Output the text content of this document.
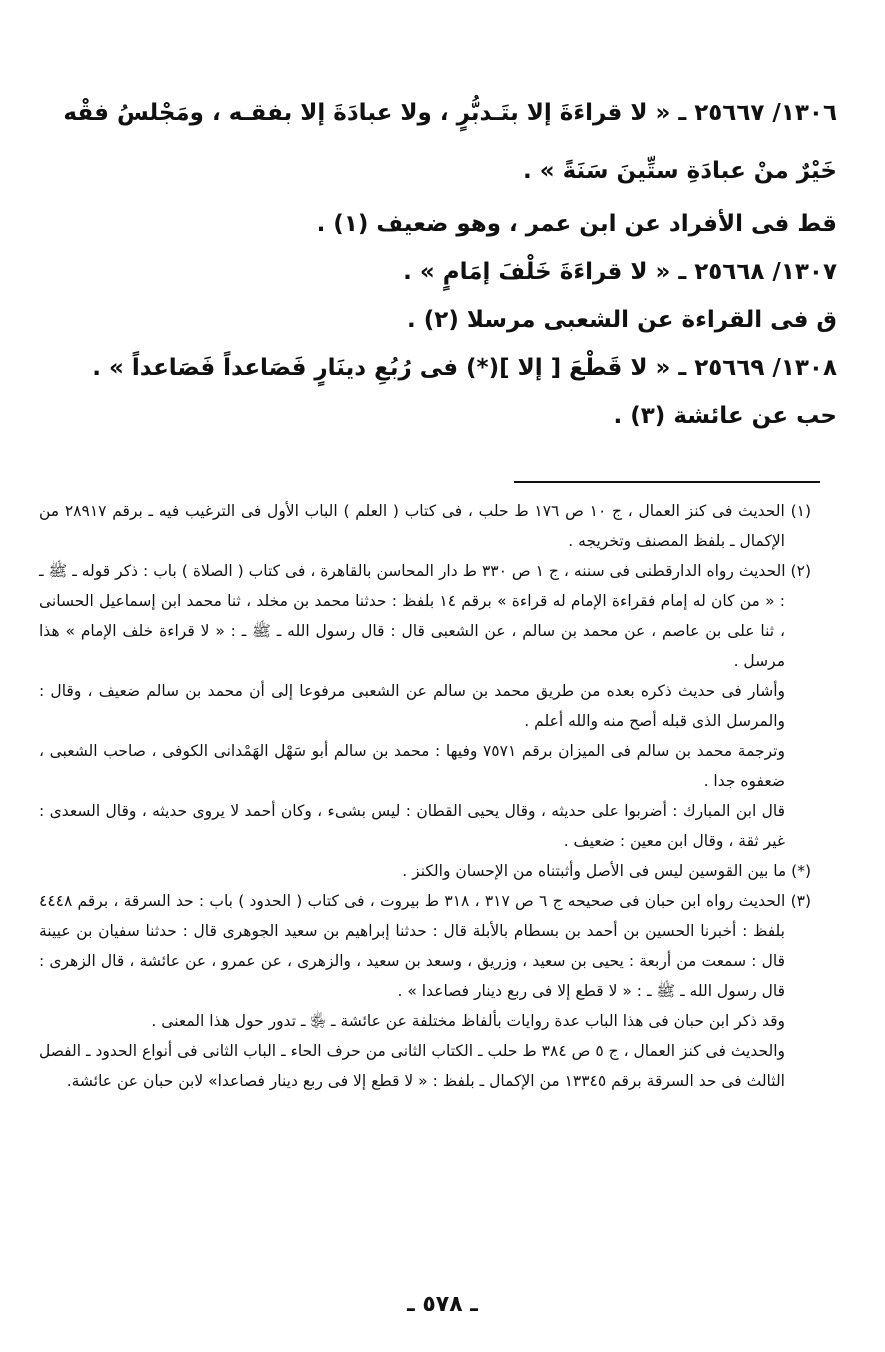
١٣٠٦/ ٢٥٦٦٧ ـ « لا قراءَةَ إلا بتَـدبُّرٍ ، ولا عبادَةَ إلا بفقـه ، ومَجْلسُ فقْه خَيْرٌ منْ عبادَةِ ستِّينَ سَنَةً » .

قط فى الأفراد عن ابن عمر ، وهو ضعيف (١) .

١٣٠٧/ ٢٥٦٦٨ ـ « لا قراءَةَ خَلْفَ إمَامٍ » .

ق فى القراءة عن الشعبى مرسلا (٢) .

١٣٠٨/ ٢٥٦٦٩ ـ « لا قَطْعَ [ إلا ](*) فى رُبُعِ دينَارٍ فَصَاعداً فَصَاعداً » .

حب عن عائشة (٣) .

(١) الحديث فى كنز العمال ، ج ١٠ ص ١٧٦ ط حلب ، فى كتاب ( العلم ) الباب الأول فى الترغيب فيه ـ برقم ٢٨٩١٧ من الإكمال ـ بلفظ المصنف وتخريجه .

(٢) الحديث رواه الدارقطنى فى سننه ، ج ١ ص ٣٣٠ ط دار المحاسن بالقاهرة ، فى كتاب ( الصلاة ) باب : ذكر قوله ـ ﷺ ـ : « من كان له إمام فقراءة الإمام له قراءة » برقم ١٤ بلفظ : حدثنا محمد بن مخلد ، ثنا محمد ابن إسماعيل الحسانى ، ثنا على بن عاصم ، عن محمد بن سالم ، عن الشعبى قال : قال رسول الله ـ ﷺ ـ : « لا قراءة خلف الإمام » هذا مرسل .

وأشار فى حديث ذكره بعده من طريق محمد بن سالم عن الشعبى مرفوعا إلى أن محمد بن سالم ضعيف ، وقال : والمرسل الذى قبله أصح منه والله أعلم .

وترجمة محمد بن سالم فى الميزان برقم ٧٥٧١ وفيها : محمد بن سالم أبو سَهْل الهَمْدانى الكوفى ، صاحب الشعبى ، ضعفوه جدا .

قال ابن المبارك : أضربوا على حديثه ، وقال يحيى القطان : ليس بشىء ، وكان أحمد لا يروى حديثه ، وقال السعدى : غير ثقة ، وقال ابن معين : ضعيف .

(*) ما بين القوسين ليس فى الأصل وأثبتناه من الإحسان والكنز .

(٣) الحديث رواه ابن حبان فى صحيحه ج ٦ ص ٣١٧ ، ٣١٨ ط بيروت ، فى كتاب ( الحدود ) باب : حد السرقة ، برقم ٤٤٤٨ بلفظ : أخبرنا الحسين بن أحمد بن بسطام بالأبلة قال : حدثنا إبراهيم بن سعيد الجوهرى قال : حدثنا سفيان بن عيينة قال : سمعت من أربعة : يحيى بن سعيد ، وزريق ، وسعد بن سعيد ، والزهرى ، عن عمرو ، عن عائشة ، قال الزهرى : قال رسول الله ـ ﷺ ـ : « لا قطع إلا فى ربع دينار فصاعدا » .

وقد ذكر ابن حبان فى هذا الباب عدة روايات بألفاظ مختلفة عن عائشة ـ ﵂ ـ تدور حول هذا المعنى .

والحديث فى كنز العمال ، ج ٥ ص ٣٨٤ ط حلب ـ الكتاب الثانى من حرف الحاء ـ الباب الثانى فى أنواع الحدود ـ الفصل الثالث فى حد السرقة برقم ١٣٣٤٥ من الإكمال ـ بلفظ : « لا قطع إلا فى ربع دينار فصاعدا» لابن حبان عن عائشة.

ـ ٥٧٨ ـ
